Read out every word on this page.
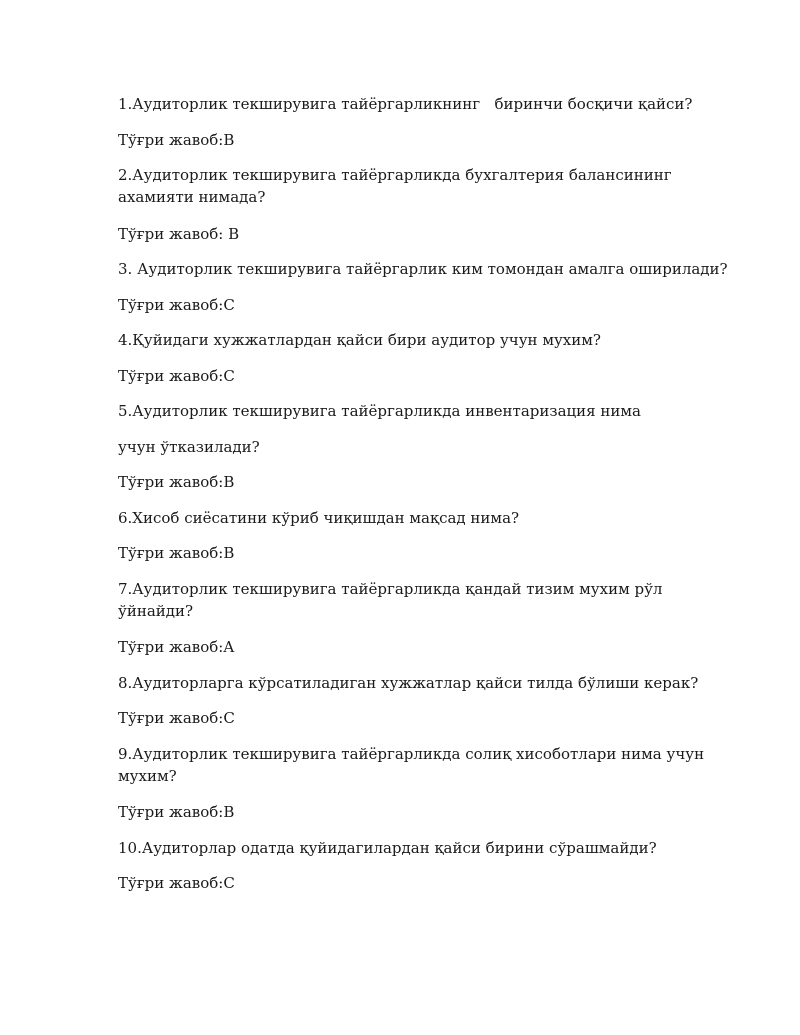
1.Аудиторлик текширувига тайёргарликнинг   биринчи босқичи қайси?
Тўғри жавоб:B
2.Аудиторлик текширувига тайёргарликда бухгалтерия балансининг
ахамияти нимада?
Тўғри жавоб: B
3. Аудиторлик текширувига тайёргарлик ким томондан амалга оширилади?
Тўғри жавоб:C
4.Қуйидаги хужжатлардан қайси бири аудитор учун мухим?
Тўғри жавоб:C
5.Аудиторлик текширувига тайёргарликда инвентаризация нима
учун ўтказилади?
Тўғри жавоб:B
6.Хисоб сиёсатини кўриб чиқишдан мақсад нима?
Тўғри жавоб:B
7.Аудиторлик текширувига тайёргарликда қандай тизим мухим рўл
ўйнайди?
Тўғри жавоб:A
8.Аудиторларга кўрсатиладиган хужжатлар қайси тилда бўлиши керак?
Тўғри жавоб:C
9.Аудиторлик текширувига тайёргарликда солиқ хисоботлари нима учун
мухим?
Тўғри жавоб:B
10.Аудиторлар одатда қуйидагилардан қайси бирини сўрашмайди?
Тўғри жавоб:C
